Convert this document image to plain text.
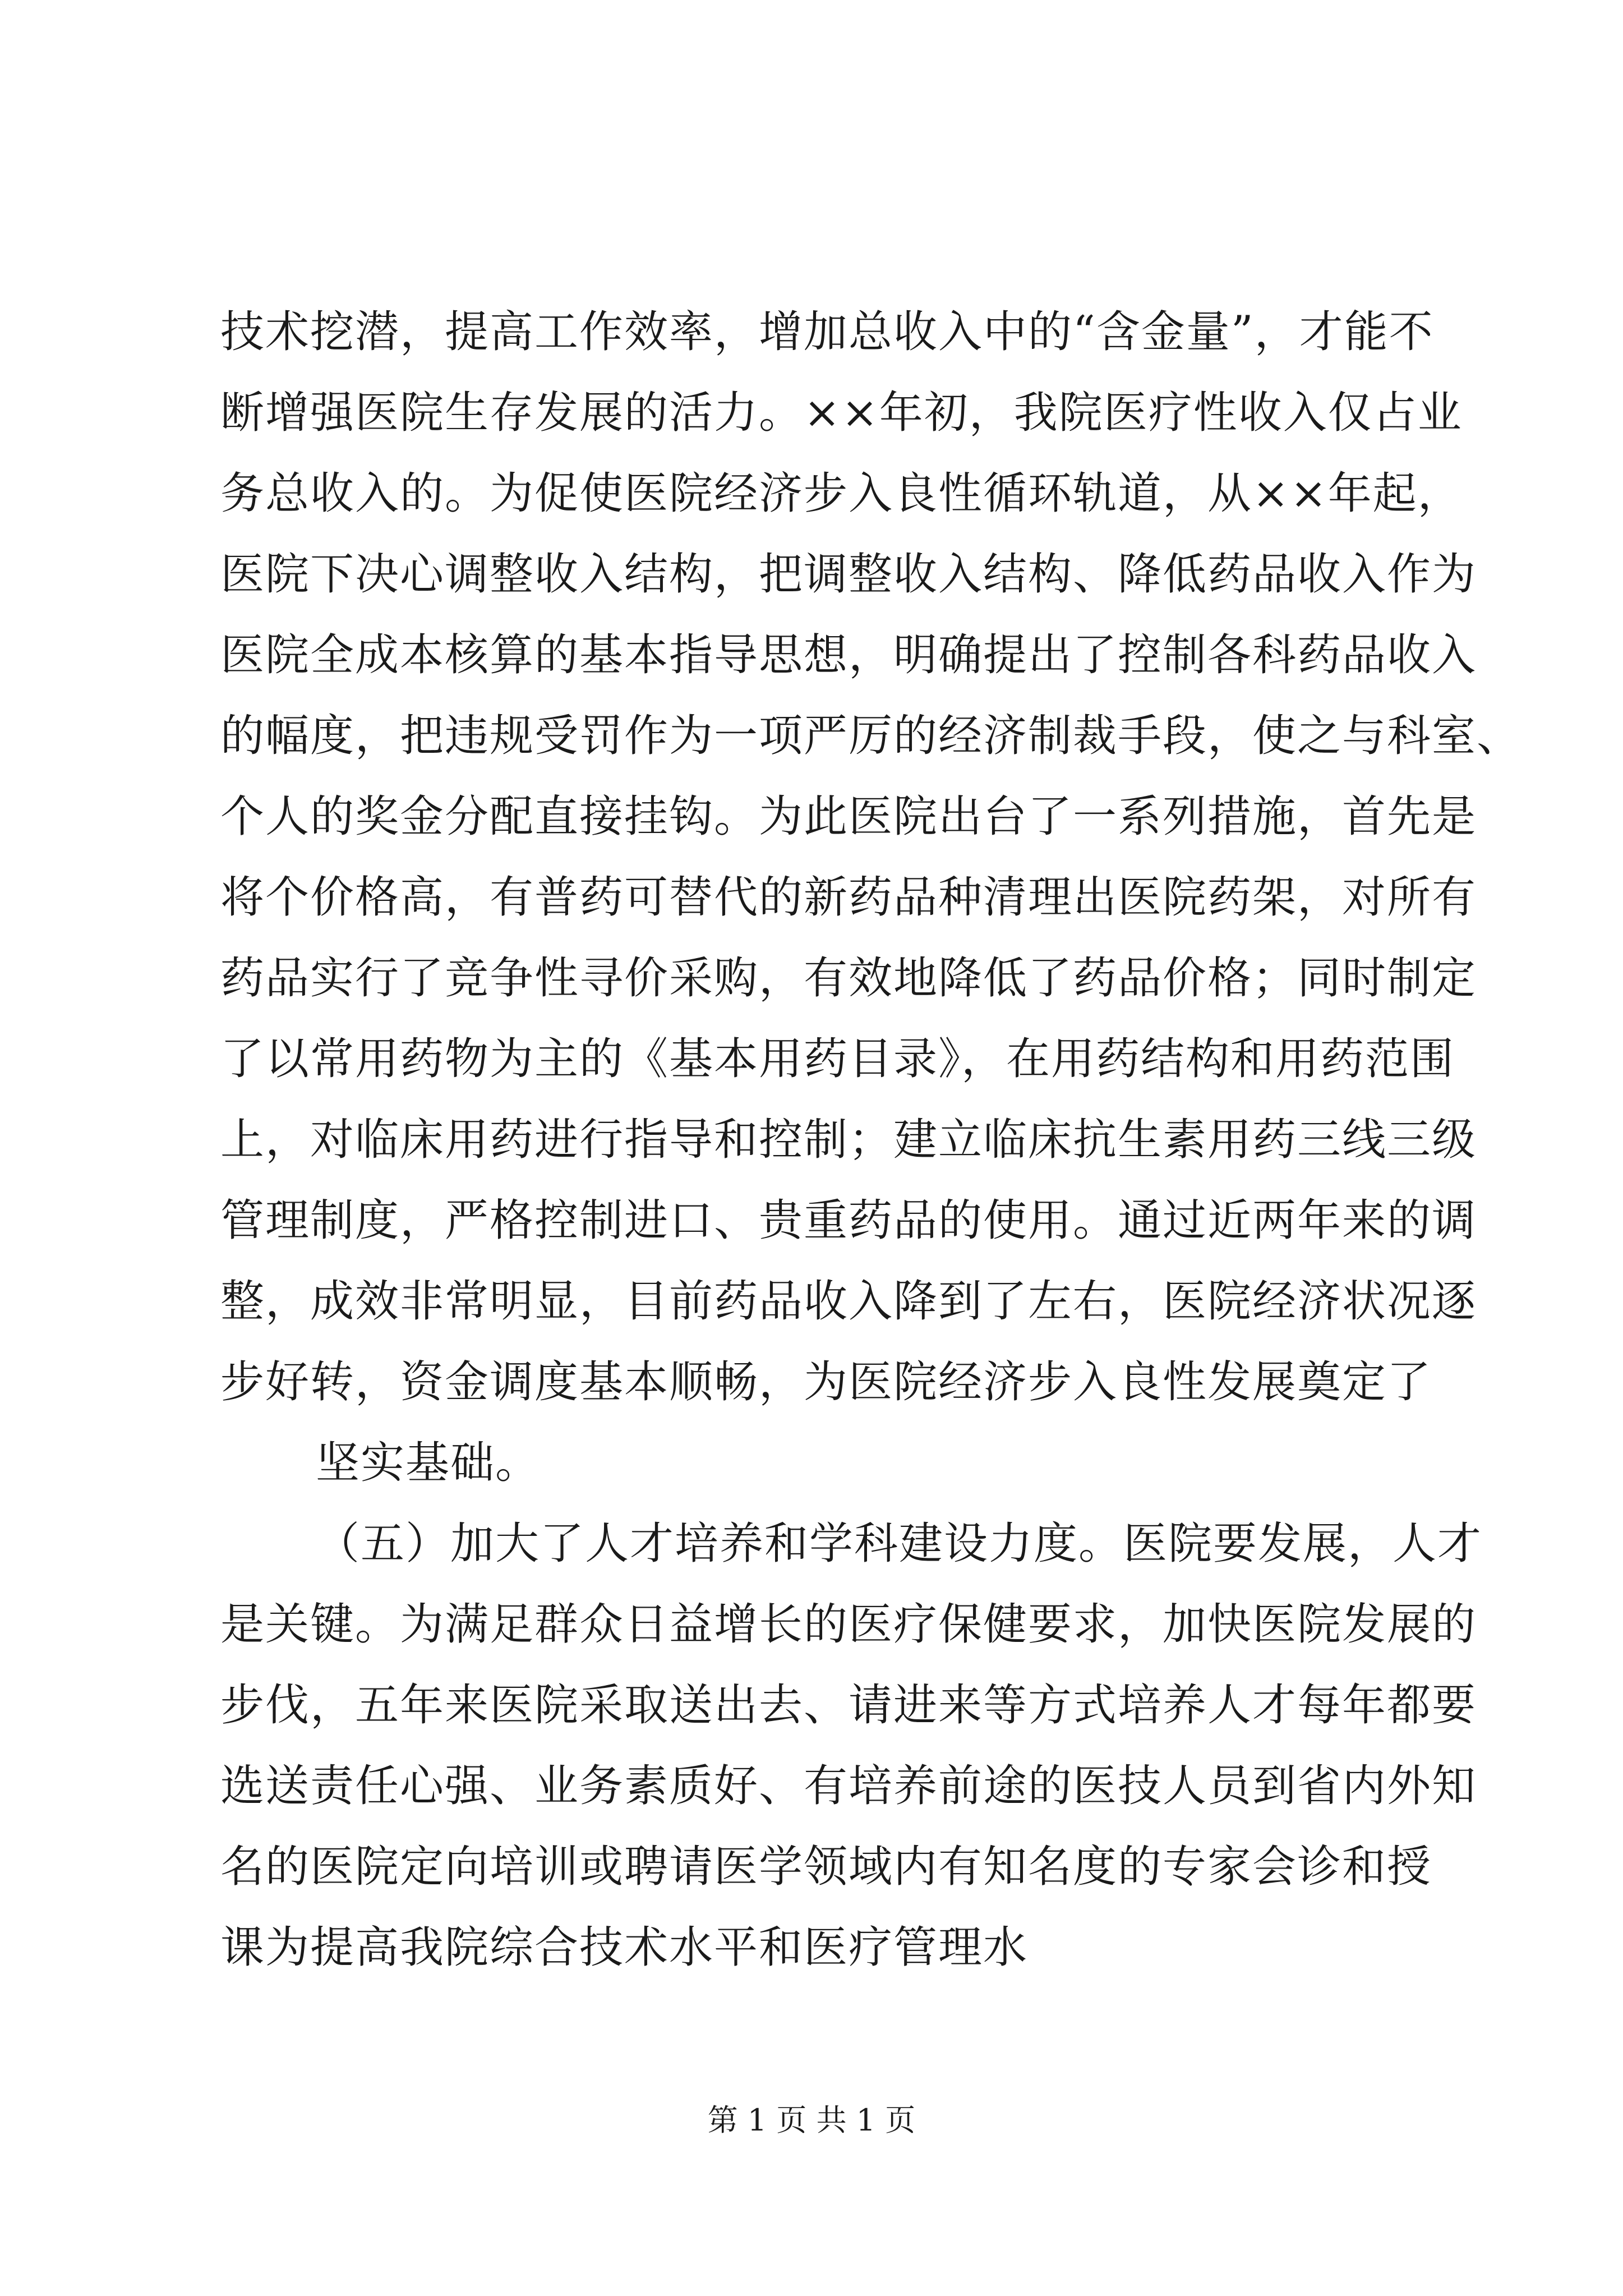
技术挖潜，提高工作效率，增加总收入中的“含金量”，才能不
断增强医院生存发展的活力。××年初，我院医疗性收入仅占业
务总收入的。为促使医院经济步入良性循环轨道，从××年起，
医院下决心调整收入结构，把调整收入结构、降低药品收入作为
医院全成本核算的基本指导思想，明确提出了控制各科药品收入
的幅度，把违规受罚作为一项严厉的经济制裁手段，使之与科室、
个人的奖金分配直接挂钩。为此医院出台了一系列措施，首先是
将个价格高，有普药可替代的新药品种清理出医院药架，对所有
药品实行了竞争性寻价采购，有效地降低了药品价格；同时制定
了以常用药物为主的《基本用药目录》，在用药结构和用药范围
上，对临床用药进行指导和控制；建立临床抗生素用药三线三级
管理制度，严格控制进口、贵重药品的使用。通过近两年来的调
整，成效非常明显，目前药品收入降到了左右，医院经济状况逐
步好转，资金调度基本顺畅，为医院经济步入良性发展奠定了
坚实基础。
（五）加大了人才培养和学科建设力度。医院要发展，人才
是关键。为满足群众日益增长的医疗保健要求，加快医院发展的
步伐，五年来医院采取送出去、请进来等方式培养人才每年都要
选送责任心强、业务素质好、有培养前途的医技人员到省内外知
名的医院定向培训或聘请医学领域内有知名度的专家会诊和授
课为提高我院综合技术水平和医疗管理水
第 1 页 共 1 页
